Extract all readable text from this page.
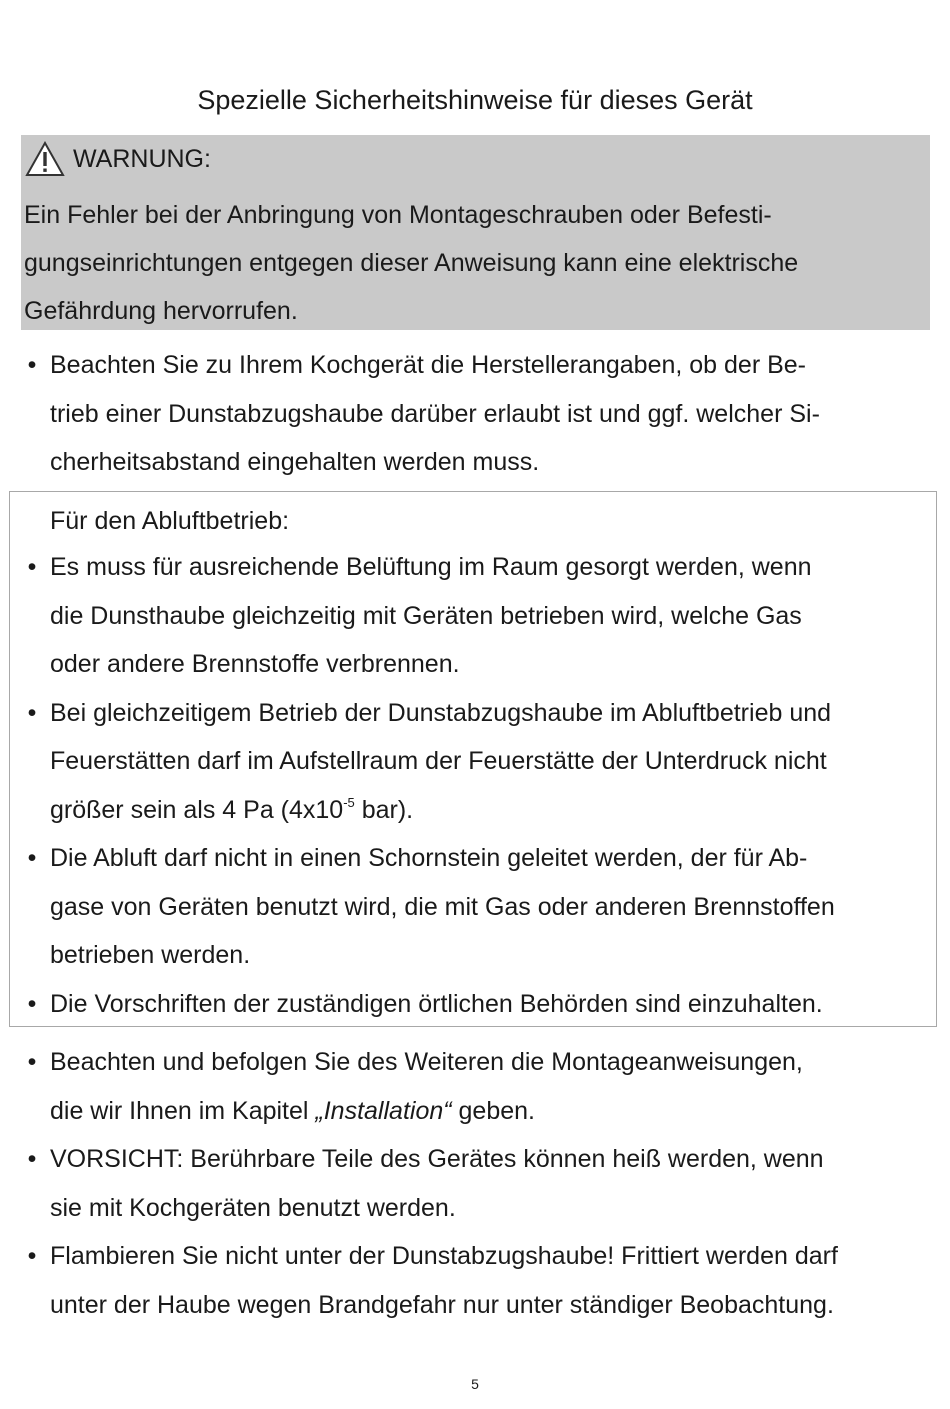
Spezielle Sicherheitshinweise für dieses Gerät
WARNUNG:
Ein Fehler bei der Anbringung von Montageschrauben oder Befesti-
gungseinrichtungen entgegen dieser Anweisung kann eine elektrische
Gefährdung hervorrufen.
• Beachten Sie zu Ihrem Kochgerät die Herstellerangaben, ob der Be-
trieb einer Dunstabzugshaube darüber erlaubt ist und ggf. welcher Si-
cherheitsabstand eingehalten werden muss.
Für den Abluftbetrieb:
• Es muss für ausreichende Belüftung im Raum gesorgt werden, wenn
die Dunsthaube gleichzeitig mit Geräten betrieben wird, welche Gas
oder andere Brennstoffe verbrennen.
• Bei gleichzeitigem Betrieb der Dunstabzugshaube im Abluftbetrieb und
Feuerstätten darf im Aufstellraum der Feuerstätte der Unterdruck nicht
größer sein als 4 Pa ($4x10^{-5}$ bar).
• Die Abluft darf nicht in einen Schornstein geleitet werden, der für Ab-
gase von Geräten benutzt wird, die mit Gas oder anderen Brennstoffen
betrieben werden.
• Die Vorschriften der zuständigen örtlichen Behörden sind einzuhalten.
• Beachten und befolgen Sie des Weiteren die Montageanweisungen,
die wir Ihnen im Kapitel „Installation“ geben.
• VORSICHT: Berührbare Teile des Gerätes können heiß werden, wenn
sie mit Kochgeräten benutzt werden.
• Flambieren Sie nicht unter der Dunstabzugshaube! Frittiert werden darf
unter der Haube wegen Brandgefahr nur unter ständiger Beobachtung.
5
